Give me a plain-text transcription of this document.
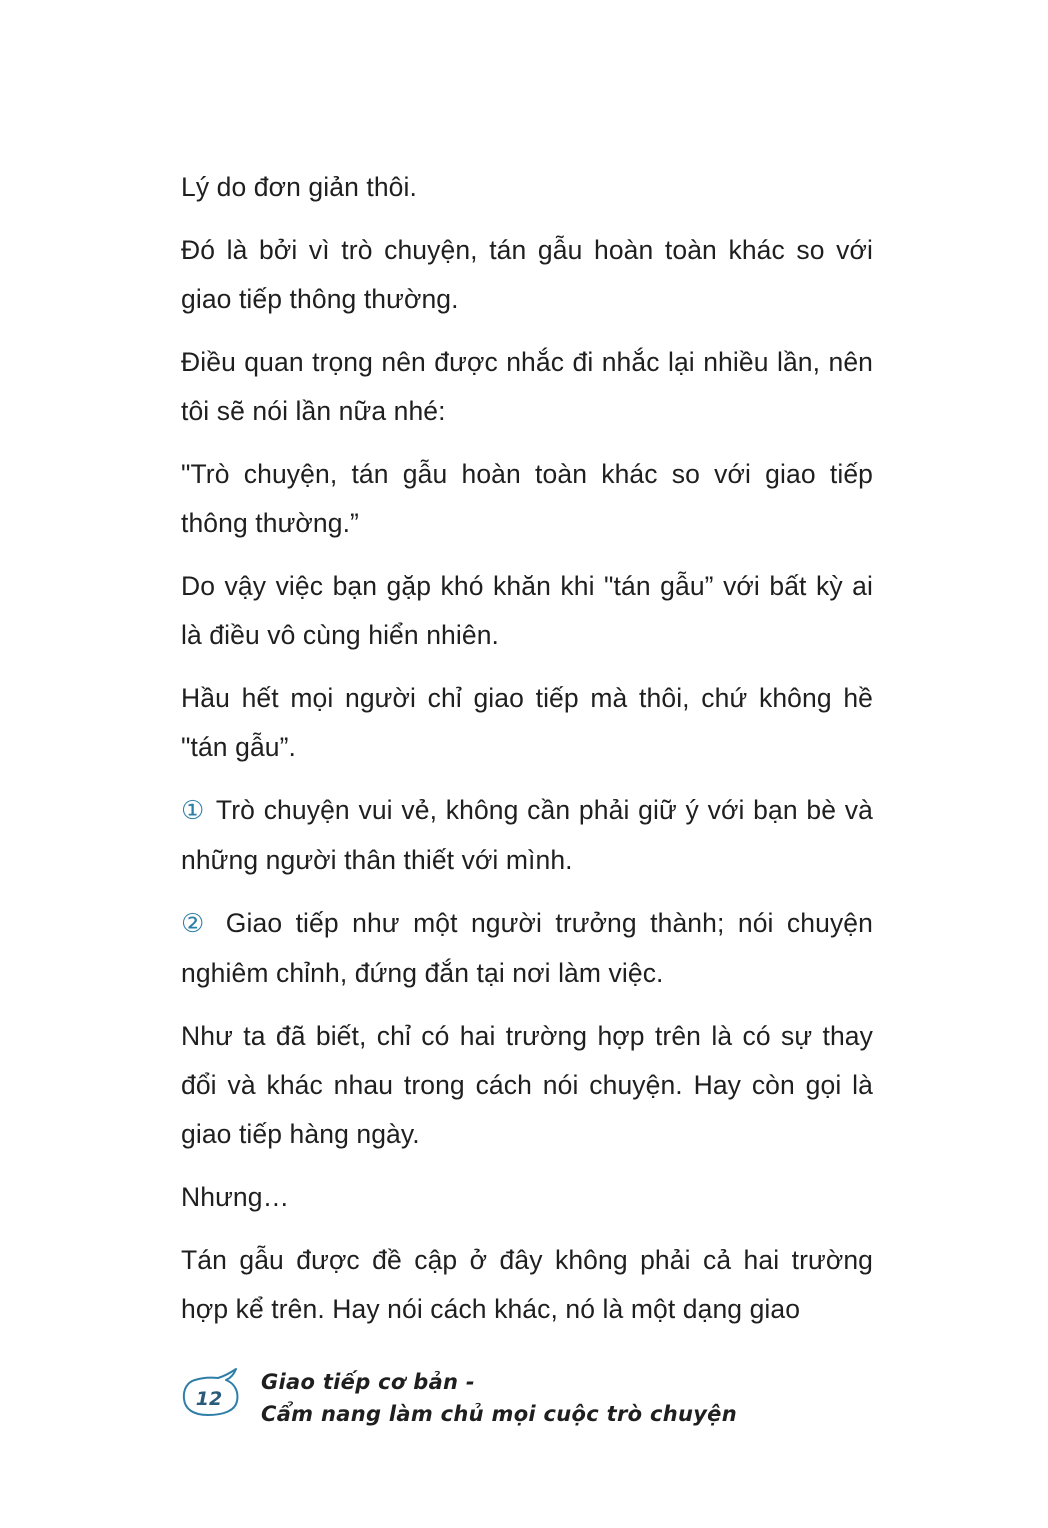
Lý do đơn giản thôi.

Đó là bởi vì trò chuyện, tán gẫu hoàn toàn khác so với giao tiếp thông thường.

Điều quan trọng nên được nhắc đi nhắc lại nhiều lần, nên tôi sẽ nói lần nữa nhé:

"Trò chuyện, tán gẫu hoàn toàn khác so với giao tiếp thông thường.”

Do vậy việc bạn gặp khó khăn khi "tán gẫu” với bất kỳ ai là điều vô cùng hiển nhiên.

Hầu hết mọi người chỉ giao tiếp mà thôi, chứ không hề "tán gẫu”.

① Trò chuyện vui vẻ, không cần phải giữ ý với bạn bè và những người thân thiết với mình.

② Giao tiếp như một người trưởng thành; nói chuyện nghiêm chỉnh, đứng đắn tại nơi làm việc.

Như ta đã biết, chỉ có hai trường hợp trên là có sự thay đổi và khác nhau trong cách nói chuyện. Hay còn gọi là giao tiếp hàng ngày.

Nhưng…

Tán gẫu được đề cập ở đây không phải cả hai trường hợp kể trên. Hay nói cách khác, nó là một dạng giao

12
Giao tiếp cơ bản -
Cẩm nang làm chủ mọi cuộc trò chuyện
